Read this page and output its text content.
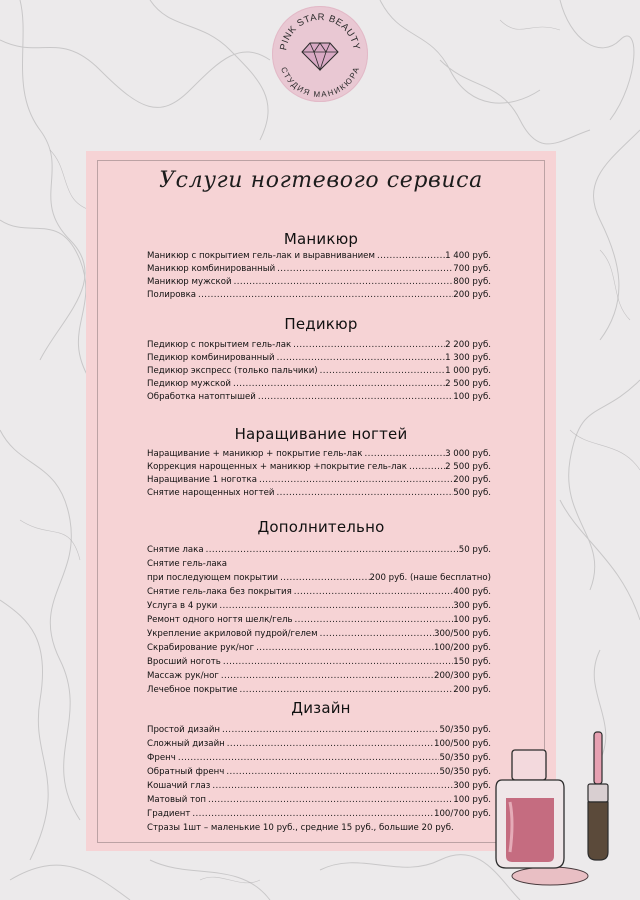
PINK STAR BEAUTY
СТУДИЯ МАНИКЮРА
Услуги ногтевого сервиса
Маникюр
Маникюр с покрытием гель-лак и выравниванием .....	1 400 руб.
Маникюр комбинированный .....	700 руб.
Маникюр мужской .....	800 руб.
Полировка .....	200 руб.
Педикюр
Педикюр с покрытием гель-лак .....	2 200 руб.
Педикюр комбинированный .....	1 300 руб.
Педикюр экспресс (только пальчики) .....	1 000 руб.
Педикюр мужской .....	2 500 руб.
Обработка натоптышей .....	100 руб.
Наращивание ногтей
Наращивание + маникюр + покрытие гель-лак .....	3 000 руб.
Коррекция нарощенных + маникюр +покрытие гель-лак .....	2 500 руб.
Наращивание 1 ноготка .....	200 руб.
Снятие нарощенных ногтей .....	500 руб.
Дополнительно
Снятие лака .....	50 руб.
Снятие гель-лака
при последующем покрытии .....	200 руб. (наше бесплатно)
Снятие гель-лака без покрытия .....	400 руб.
Услуга в 4 руки .....	300 руб.
Ремонт одного ногтя шелк/гель .....	100 руб.
Укрепление акриловой пудрой/гелем .....	300/500 руб.
Скрабирование рук/ног .....	100/200 руб.
Вросший ноготь .....	150 руб.
Массаж рук/ног .....	200/300 руб.
Лечебное покрытие .....	200 руб.
Дизайн
Простой дизайн .....	50/350 руб.
Сложный дизайн .....	100/500 руб.
Френч .....	50/350 руб.
Обратный френч .....	50/350 руб.
Кошачий глаз .....	300 руб.
Матовый топ .....	100 руб.
Градиент .....	100/700 руб.
Стразы 1шт – маленькие 10 руб., средние 15 руб., большие 20 руб.
